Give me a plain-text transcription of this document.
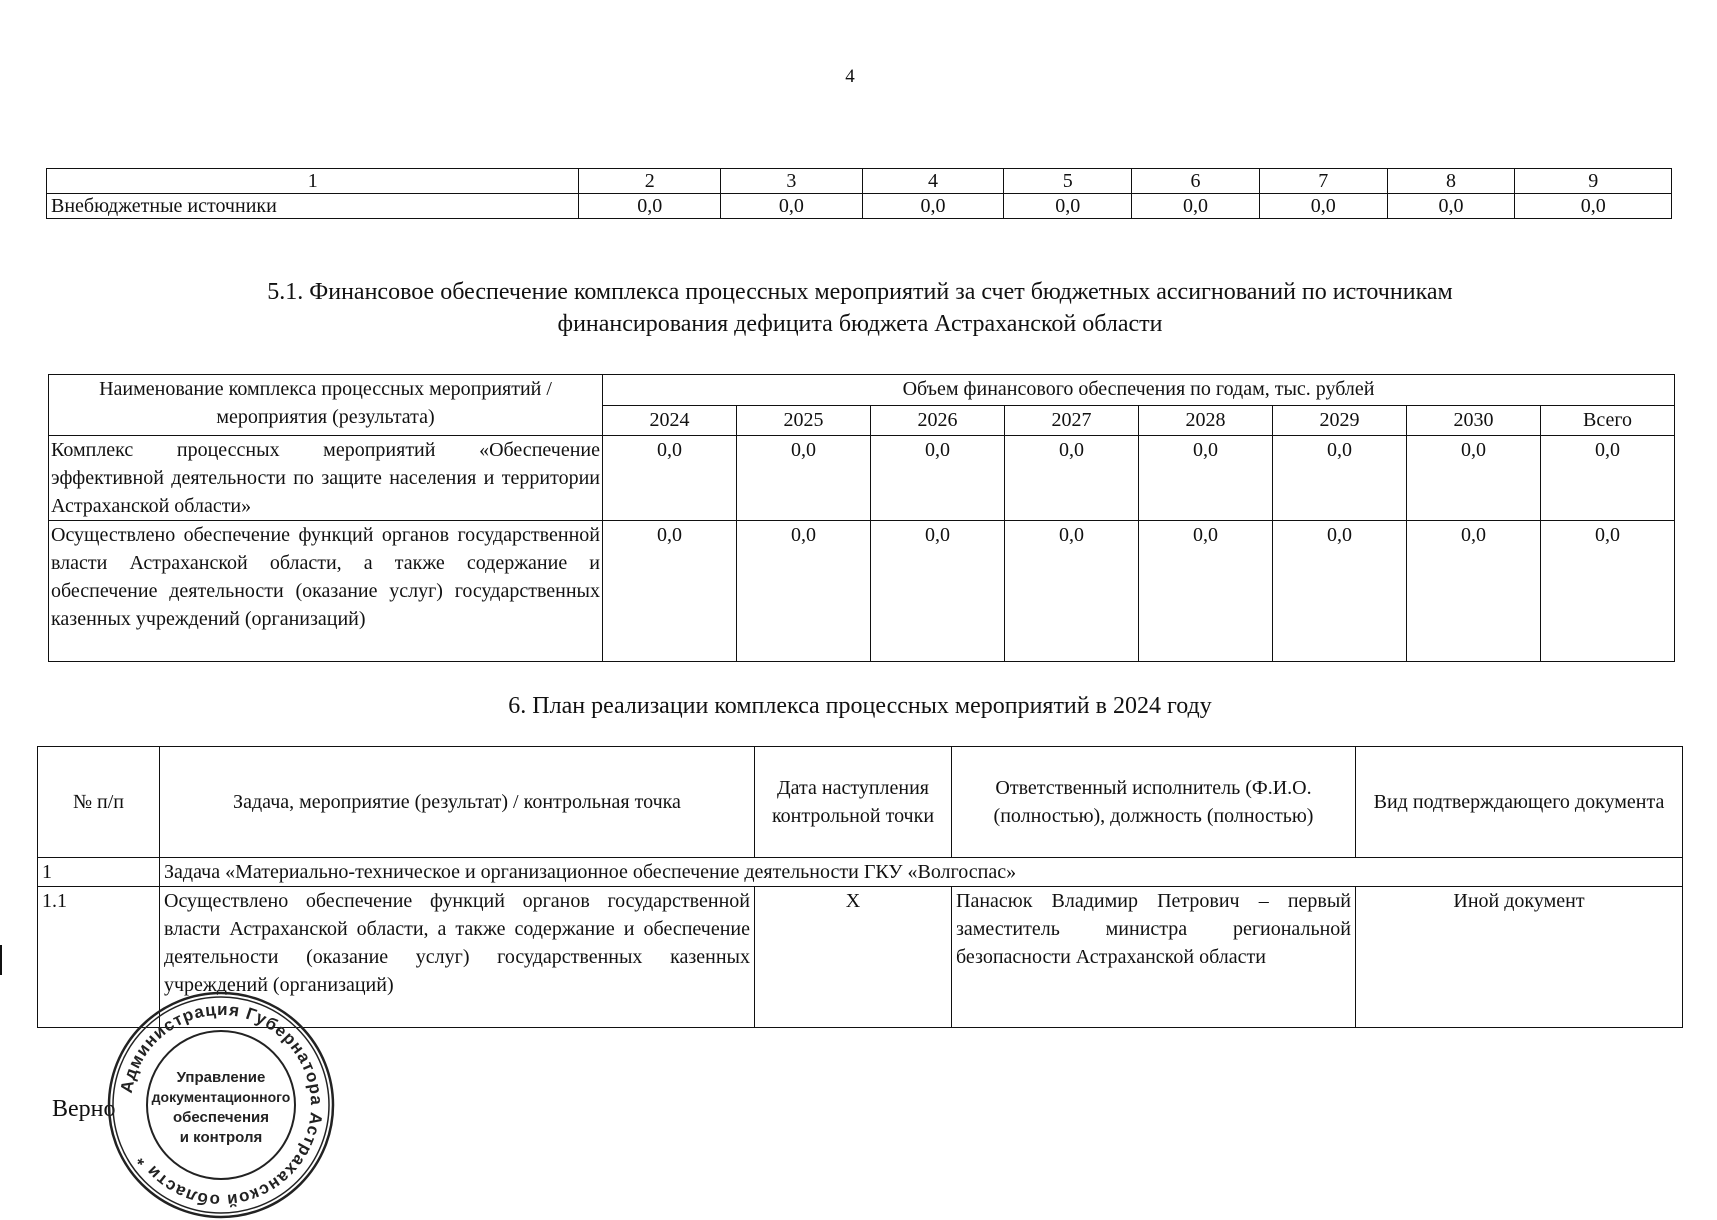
4
1	2	3	4	5	6	7	8	9
Внебюджетные источники	0,0	0,0	0,0	0,0	0,0	0,0	0,0	0,0
5.1. Финансовое обеспечение комплекса процессных мероприятий за счет бюджетных ассигнований по источникам
финансирования дефицита бюджета Астраханской области
Наименование комплекса процессных мероприятий / мероприятия (результата)	Объем финансового обеспечения по годам, тыс. рублей							
	2024	2025	2026	2027	2028	2029	2030	Всего
Комплекс процессных мероприятий «Обеспечение эффективной деятельности по защите населения и территории Астраханской области»	0,0	0,0	0,0	0,0	0,0	0,0	0,0	0,0
Осуществлено обеспечение функций органов государственной власти Астраханской области, а также содержание и обеспечение деятельности (оказание услуг) государственных казенных учреждений (организаций)	0,0	0,0	0,0	0,0	0,0	0,0	0,0	0,0
6. План реализации комплекса процессных мероприятий в 2024 году
№ п/п	Задача, мероприятие (результат) / контрольная точка	Дата наступления контрольной точки	Ответственный исполнитель (Ф.И.О. (полностью), должность (полностью)	Вид подтверждающего документа
1	Задача «Материально-техническое и организационное обеспечение деятельности ГКУ «Волгоспас»			
1.1	Осуществлено обеспечение функций органов государственной власти Астраханской области, а также содержание и обеспечение деятельности (оказание услуг) государственных казенных учреждений (организаций)	X	Панасюк Владимир Петрович – первый заместитель министра региональной безопасности Астраханской области	Иной документ
Верно
Администрация Губернатора Астраханской области *
Управление
документационного
обеспечения
и контроля
